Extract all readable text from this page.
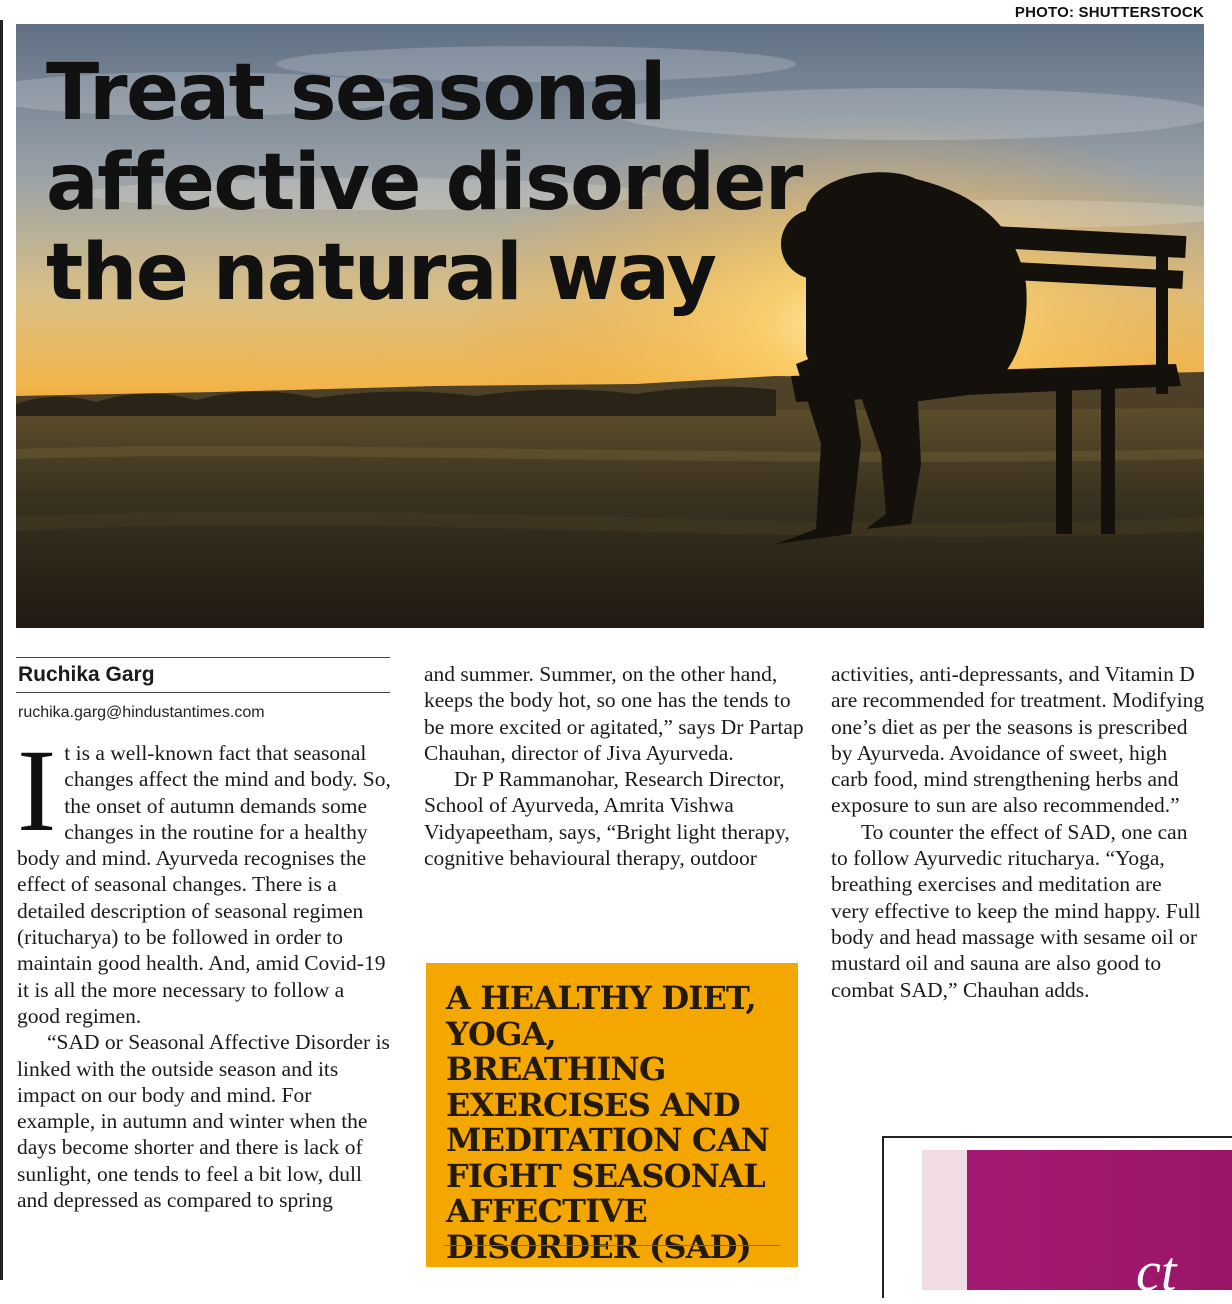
PHOTO: SHUTTERSTOCK
Treat seasonal
affective disorder
the natural way
Ruchika Garg
ruchika.garg@hindustantimes.com

It is a well-known fact that seasonal changes affect the mind and body. So, the onset of autumn demands some changes in the routine for a healthy body and mind. Ayurveda recognises the effect of seasonal changes. There is a detailed description of seasonal regimen (ritucharya) to be followed in order to maintain good health. And, amid Covid-19 it is all the more necessary to follow a good regimen.

“SAD or Seasonal Affective Disorder is linked with the outside season and its impact on our body and mind. For example, in autumn and winter when the days become shorter and there is lack of sunlight, one tends to feel a bit low, dull and depressed as compared to spring

and summer. Summer, on the other hand, keeps the body hot, so one has the tends to be more excited or agitated,” says Dr Partap Chauhan, director of Jiva Ayurveda.

Dr P Rammanohar, Research Director, School of Ayurveda, Amrita Vishwa Vidyapeetham, says, “Bright light therapy, cognitive behavioural therapy, outdoor

A HEALTHY DIET, YOGA, BREATHING EXERCISES AND MEDITATION CAN FIGHT SEASONAL AFFECTIVE DISORDER (SAD)

activities, anti-depressants, and Vitamin D are recommended for treatment. Modifying one’s diet as per the seasons is prescribed by Ayurveda. Avoidance of sweet, high carb food, mind strengthening herbs and exposure to sun are also recommended.”

To counter the effect of SAD, one can to follow Ayurvedic ritucharya. “Yoga, breathing exercises and meditation are very effective to keep the mind happy. Full body and head massage with sesame oil or mustard oil and sauna are also good to combat SAD,” Chauhan adds.

ct
